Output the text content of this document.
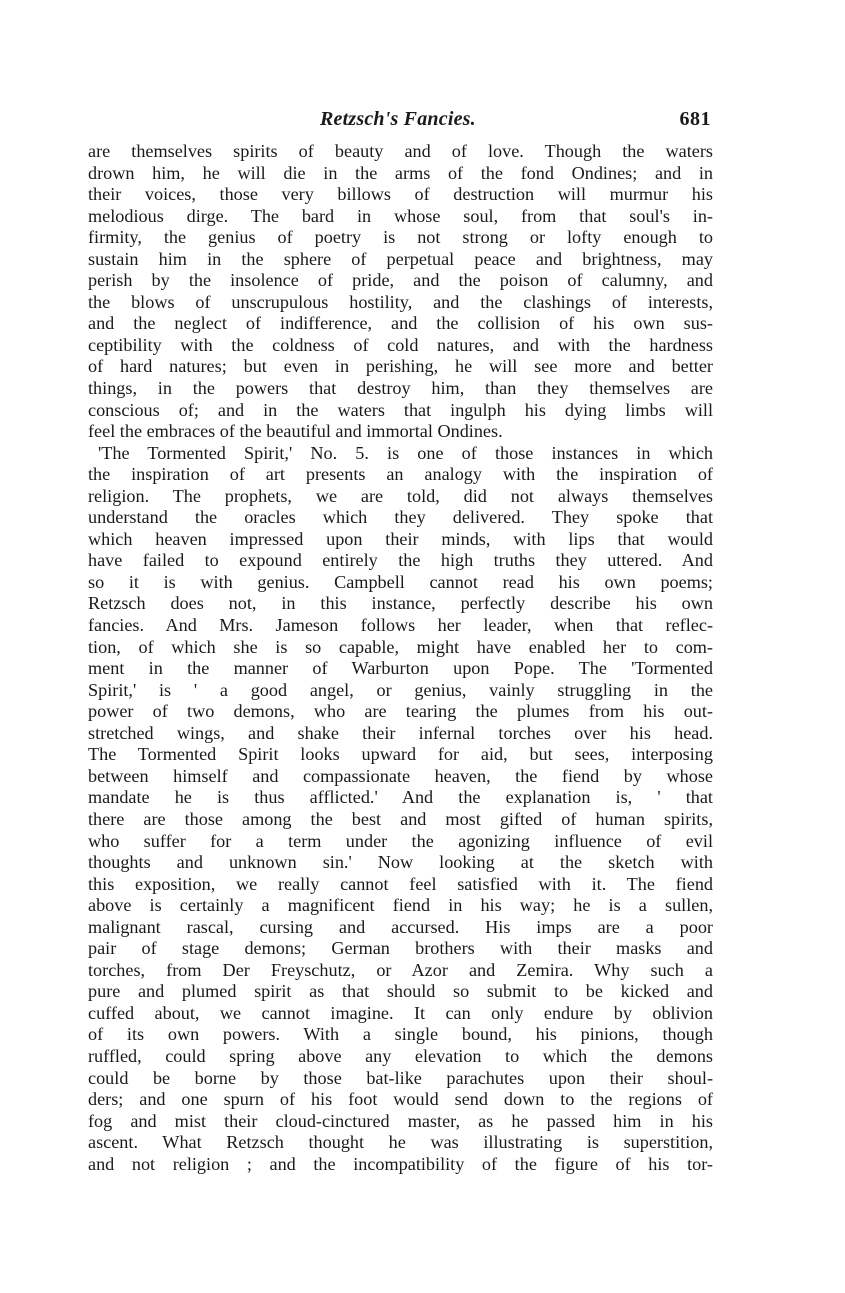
Retzsch's Fancies.	681
are themselves spirits of beauty and of love. Though the waters
drown him, he will die in the arms of the fond Ondines; and in
their voices, those very billows of destruction will murmur his
melodious dirge. The bard in whose soul, from that soul's in-
firmity, the genius of poetry is not strong or lofty enough to
sustain him in the sphere of perpetual peace and brightness, may
perish by the insolence of pride, and the poison of calumny, and
the blows of unscrupulous hostility, and the clashings of interests,
and the neglect of indifference, and the collision of his own sus-
ceptibility with the coldness of cold natures, and with the hardness
of hard natures; but even in perishing, he will see more and better
things, in the powers that destroy him, than they themselves are
conscious of; and in the waters that ingulph his dying limbs will
feel the embraces of the beautiful and immortal Ondines.
'The Tormented Spirit,' No. 5. is one of those instances in which
the inspiration of art presents an analogy with the inspiration of
religion. The prophets, we are told, did not always themselves
understand the oracles which they delivered. They spoke that
which heaven impressed upon their minds, with lips that would
have failed to expound entirely the high truths they uttered. And
so it is with genius. Campbell cannot read his own poems;
Retzsch does not, in this instance, perfectly describe his own
fancies. And Mrs. Jameson follows her leader, when that reflec-
tion, of which she is so capable, might have enabled her to com-
ment in the manner of Warburton upon Pope. The 'Tormented
Spirit,' is ' a good angel, or genius, vainly struggling in the
power of two demons, who are tearing the plumes from his out-
stretched wings, and shake their infernal torches over his head.
The Tormented Spirit looks upward for aid, but sees, interposing
between himself and compassionate heaven, the fiend by whose
mandate he is thus afflicted.' And the explanation is, ' that
there are those among the best and most gifted of human spirits,
who suffer for a term under the agonizing influence of evil
thoughts and unknown sin.' Now looking at the sketch with
this exposition, we really cannot feel satisfied with it. The fiend
above is certainly a magnificent fiend in his way; he is a sullen,
malignant rascal, cursing and accursed. His imps are a poor
pair of stage demons; German brothers with their masks and
torches, from Der Freyschutz, or Azor and Zemira. Why such a
pure and plumed spirit as that should so submit to be kicked and
cuffed about, we cannot imagine. It can only endure by oblivion
of its own powers. With a single bound, his pinions, though
ruffled, could spring above any elevation to which the demons
could be borne by those bat-like parachutes upon their shoul-
ders; and one spurn of his foot would send down to the regions of
fog and mist their cloud-cinctured master, as he passed him in his
ascent. What Retzsch thought he was illustrating is superstition,
and not religion ; and the incompatibility of the figure of his tor-
